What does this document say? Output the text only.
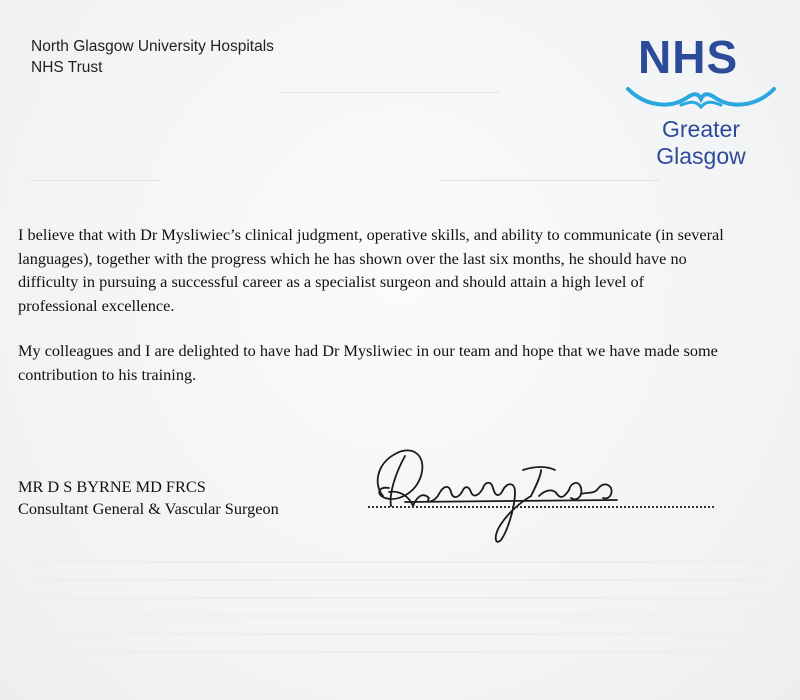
North Glasgow University Hospitals
NHS Trust	NHS
Greater
Glasgow
I believe that with Dr Mysliwiec’s clinical judgment, operative skills, and ability to communicate (in several
languages), together with the progress which he has shown over the last six months, he should have no
difficulty in pursuing a successful career as a specialist surgeon and should attain a high level of
professional excellence.
My colleagues and I are delighted to have had Dr Mysliwiec in our team and hope that we have made some
contribution to his training.
MR D S BYRNE MD FRCS
Consultant General & Vascular Surgeon
